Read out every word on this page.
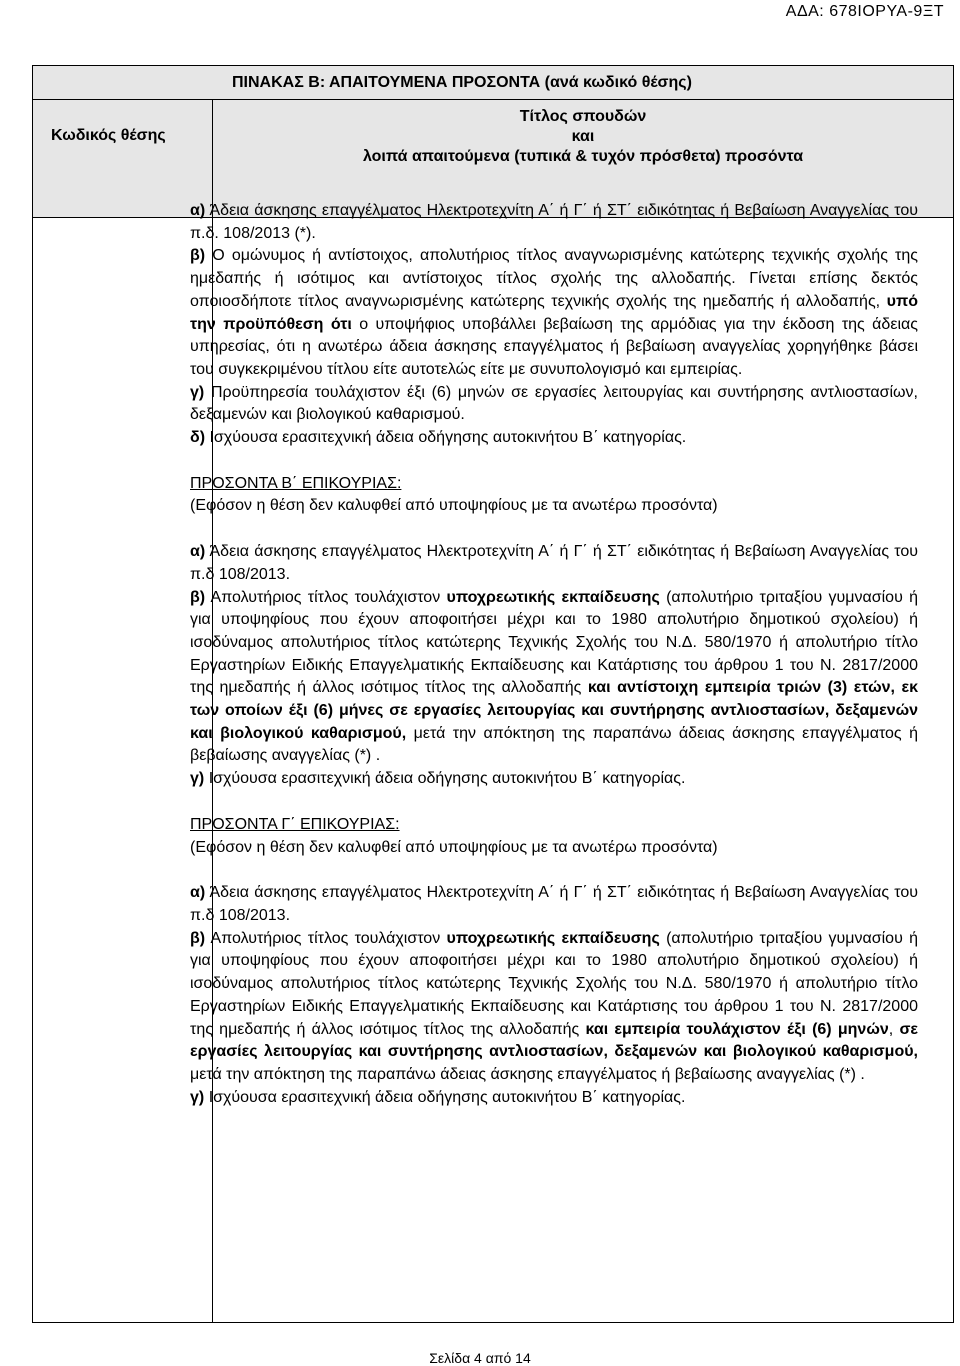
ΑΔΑ: 678ΙΟΡΥΑ-9ΞΤ
ΠΙΝΑΚΑΣ Β: ΑΠΑΙΤΟΥΜΕΝΑ ΠΡΟΣΟΝΤΑ (ανά κωδικό θέσης)
Κωδικός θέσης
Τίτλος σπουδών
και
λοιπά απαιτούμενα (τυπικά & τυχόν πρόσθετα) προσόντα

α) Άδεια άσκησης επαγγέλματος Ηλεκτροτεχνίτη Α΄ ή Γ΄ ή ΣΤ΄ ειδικότητας ή Βεβαίωση Αναγγελίας του π.δ. 108/2013 (*).

β) Ο ομώνυμος ή αντίστοιχος, απολυτήριος τίτλος αναγνωρισμένης κατώτερης τεχνικής σχολής της ημεδαπής ή ισότιμος και αντίστοιχος τίτλος σχολής της αλλοδαπής. Γίνεται επίσης δεκτός οποιοσδήποτε τίτλος αναγνωρισμένης κατώτερης τεχνικής σχολής της ημεδαπής ή αλλοδαπής, υπό την προϋπόθεση ότι ο υποψήφιος υποβάλλει βεβαίωση της αρμόδιας για την έκδοση της άδειας υπηρεσίας, ότι η ανωτέρω άδεια άσκησης επαγγέλματος ή βεβαίωση αναγγελίας χορηγήθηκε βάσει του συγκεκριμένου τίτλου είτε αυτοτελώς είτε με συνυπολογισμό και εμπειρίας.

γ) Προϋπηρεσία τουλάχιστον έξι (6) μηνών σε εργασίες λειτουργίας και συντήρησης αντλιοστασίων, δεξαμενών και βιολογικού καθαρισμού.

δ) Ισχύουσα ερασιτεχνική άδεια οδήγησης αυτοκινήτου Β΄ κατηγορίας.

ΠΡΟΣΟΝΤΑ Β΄ ΕΠΙΚΟΥΡΙΑΣ:

(Εφόσον η θέση δεν καλυφθεί από υποψηφίους με τα ανωτέρω προσόντα)

α) Άδεια άσκησης επαγγέλματος Ηλεκτροτεχνίτη Α΄ ή Γ΄ ή ΣΤ΄ ειδικότητας ή Βεβαίωση Αναγγελίας του π.δ 108/2013.

β) Απολυτήριος τίτλος τουλάχιστον υποχρεωτικής εκπαίδευσης (απολυτήριο τριταξίου γυμνασίου ή για υποψηφίους που έχουν αποφοιτήσει μέχρι και το 1980 απολυτήριο δημοτικού σχολείου) ή ισοδύναμος απολυτήριος τίτλος κατώτερης Τεχνικής Σχολής του Ν.Δ. 580/1970 ή απολυτήριο τίτλο Εργαστηρίων Ειδικής Επαγγελματικής Εκπαίδευσης και Κατάρτισης του άρθρου 1 του Ν. 2817/2000 της ημεδαπής ή άλλος ισότιμος τίτλος της αλλοδαπής και αντίστοιχη εμπειρία τριών (3) ετών, εκ των οποίων έξι (6) μήνες σε εργασίες λειτουργίας και συντήρησης αντλιοστασίων, δεξαμενών και βιολογικού καθαρισμού, μετά την απόκτηση της παραπάνω άδειας άσκησης επαγγέλματος ή βεβαίωσης αναγγελίας (*) .

γ) Ισχύουσα ερασιτεχνική άδεια οδήγησης αυτοκινήτου Β΄ κατηγορίας.

ΠΡΟΣΟΝΤΑ Γ΄ ΕΠΙΚΟΥΡΙΑΣ:

(Εφόσον η θέση δεν καλυφθεί από υποψηφίους με τα ανωτέρω προσόντα)

α) Άδεια άσκησης επαγγέλματος Ηλεκτροτεχνίτη Α΄ ή Γ΄ ή ΣΤ΄ ειδικότητας ή Βεβαίωση Αναγγελίας του π.δ 108/2013.

β) Απολυτήριος τίτλος τουλάχιστον υποχρεωτικής εκπαίδευσης (απολυτήριο τριταξίου γυμνασίου ή για υποψηφίους που έχουν αποφοιτήσει μέχρι και το 1980 απολυτήριο δημοτικού σχολείου) ή ισοδύναμος απολυτήριος τίτλος κατώτερης Τεχνικής Σχολής του Ν.Δ. 580/1970 ή απολυτήριο τίτλο Εργαστηρίων Ειδικής Επαγγελματικής Εκπαίδευσης και Κατάρτισης του άρθρου 1 του Ν. 2817/2000 της ημεδαπής ή άλλος ισότιμος τίτλος της αλλοδαπής και εμπειρία τουλάχιστον έξι (6) μηνών, σε εργασίες λειτουργίας και συντήρησης αντλιοστασίων, δεξαμενών και βιολογικού καθαρισμού, μετά την απόκτηση της παραπάνω άδειας άσκησης επαγγέλματος ή βεβαίωσης αναγγελίας (*) .

γ) Ισχύουσα ερασιτεχνική άδεια οδήγησης αυτοκινήτου Β΄ κατηγορίας.

Σελίδα 4 από 14
